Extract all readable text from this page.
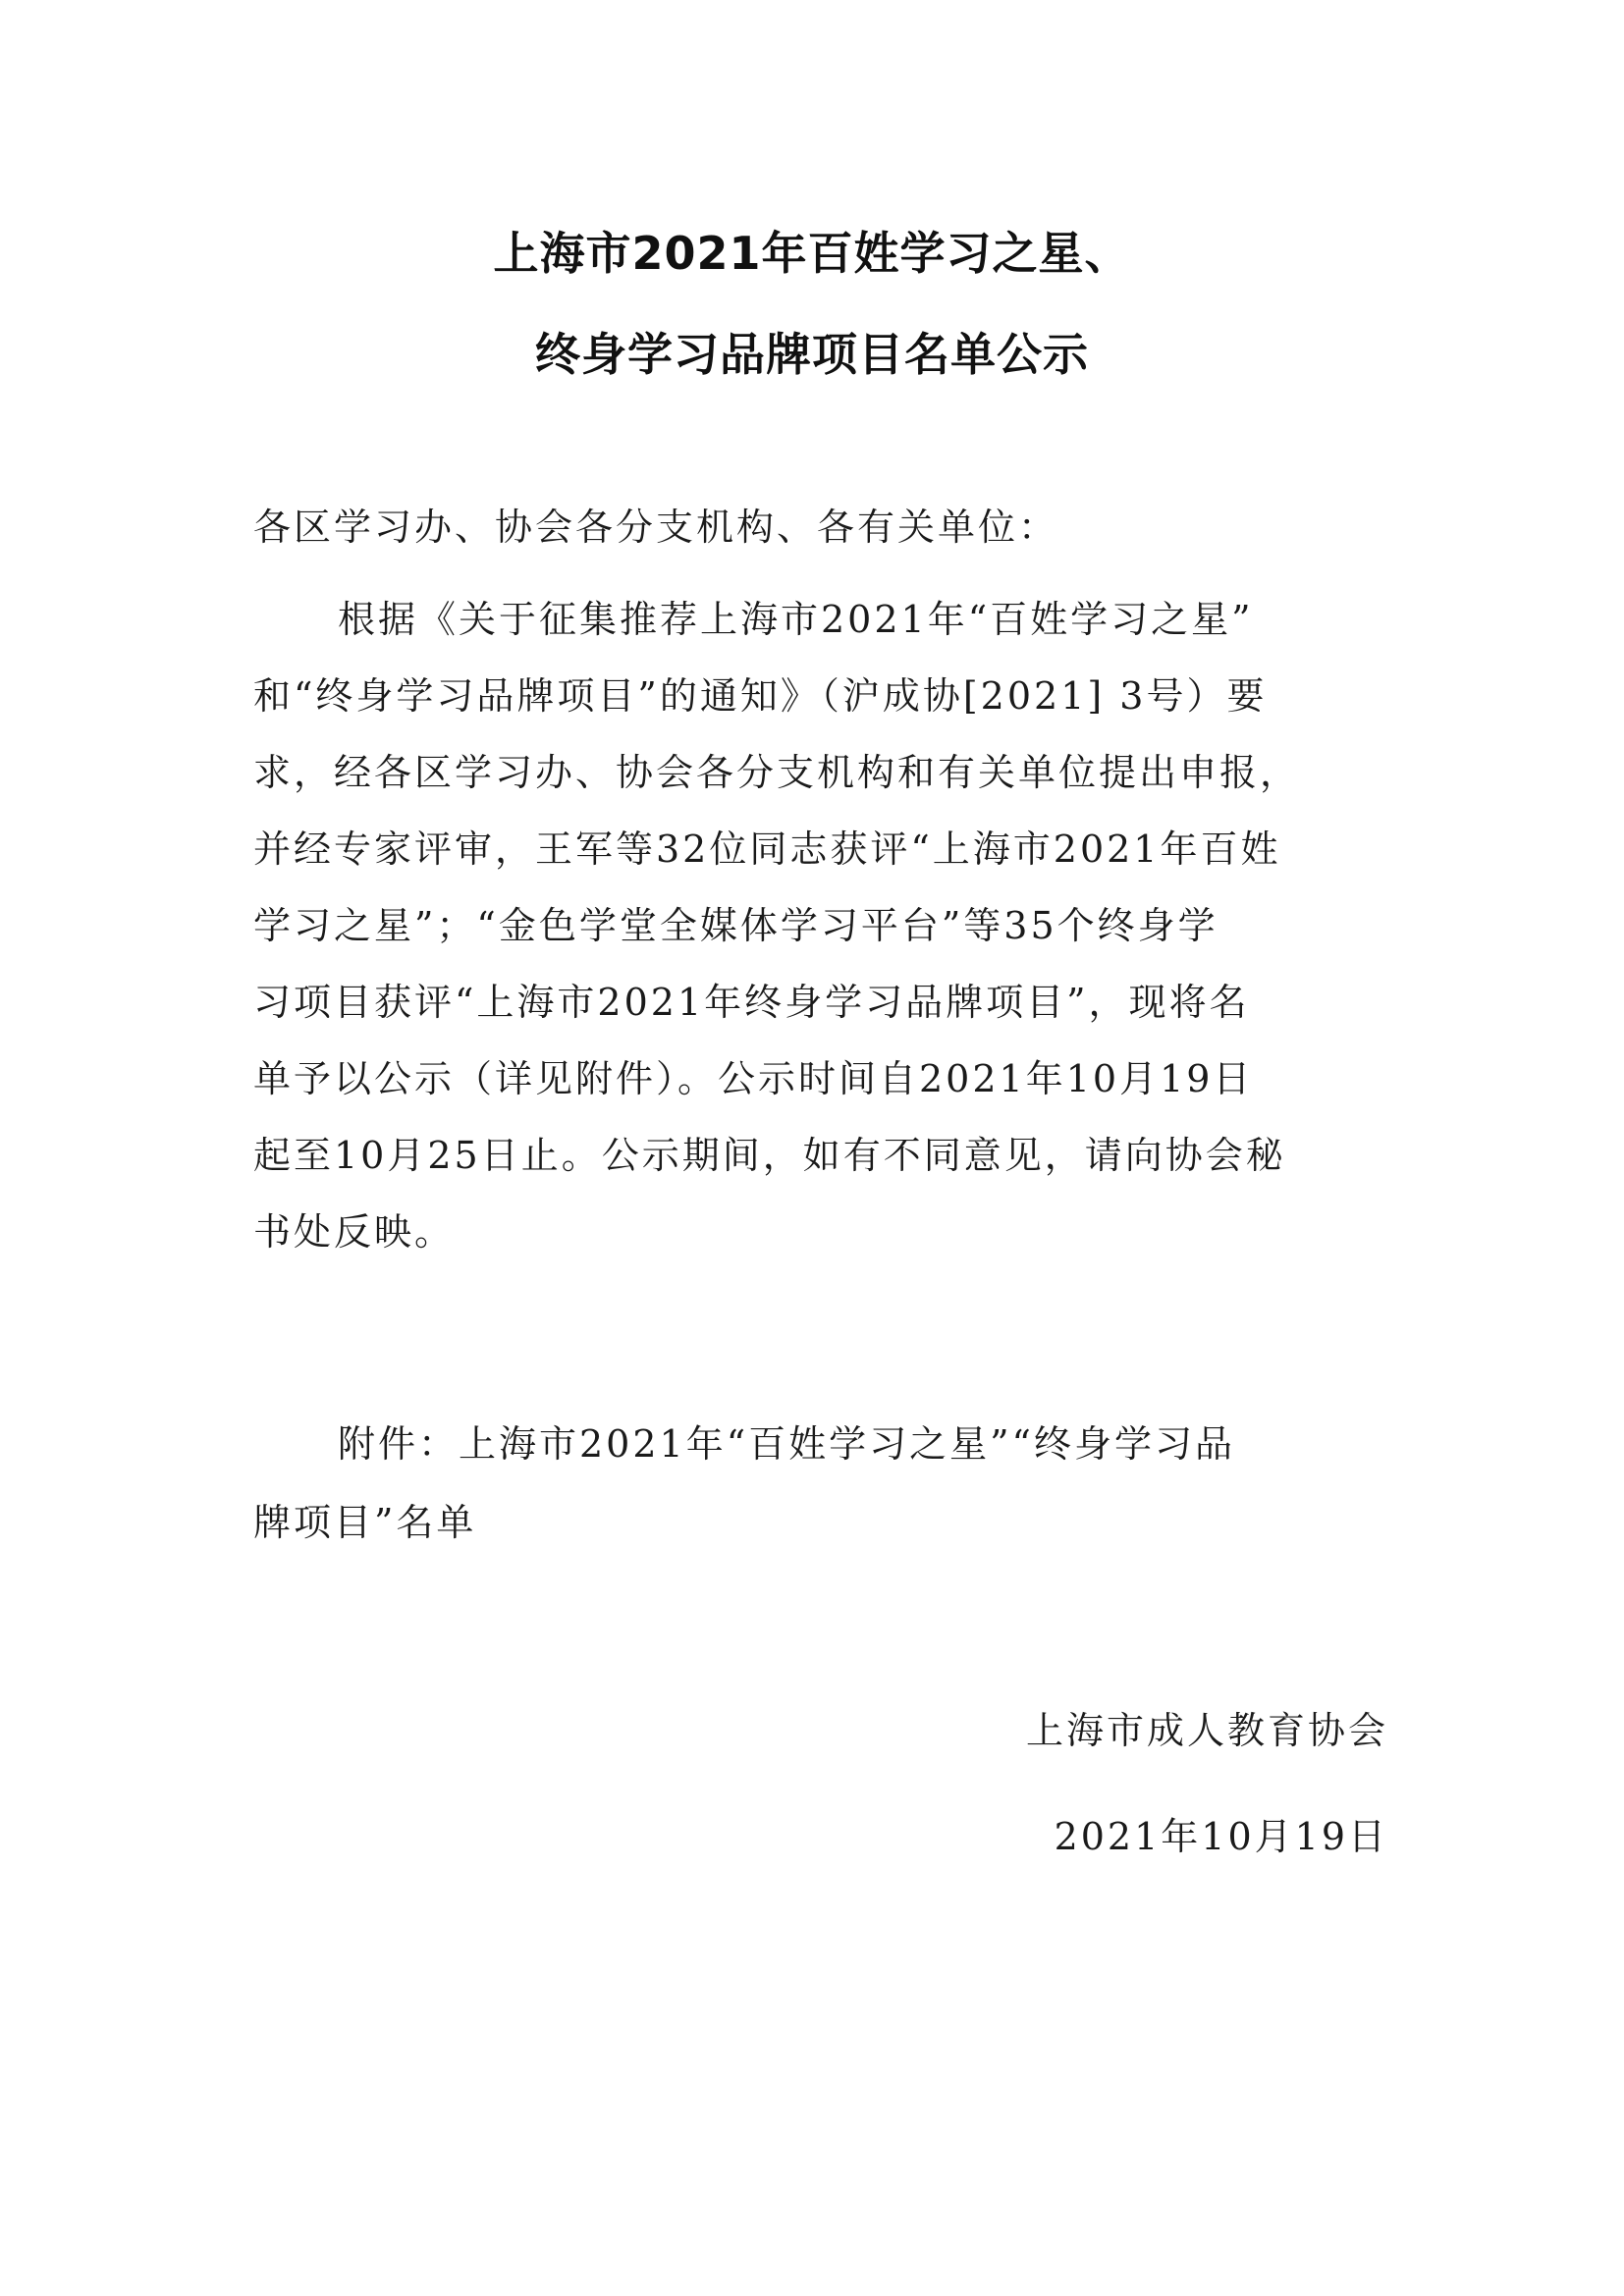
上海市2021年百姓学习之星、
终身学习品牌项目名单公示
各区学习办、协会各分支机构、各有关单位：
根据《关于征集推荐上海市2021年“百姓学习之星”
和“终身学习品牌项目”的通知》（沪成协[2021] 3号）要
求，经各区学习办、协会各分支机构和有关单位提出申报，
并经专家评审，王军等32位同志获评“上海市2021年百姓
学习之星”；“金色学堂全媒体学习平台”等35个终身学
习项目获评“上海市2021年终身学习品牌项目”，现将名
单予以公示（详见附件）。公示时间自2021年10月19日
起至10月25日止。公示期间，如有不同意见，请向协会秘
书处反映。
附件：上海市2021年“百姓学习之星”“终身学习品
牌项目”名单
上海市成人教育协会
2021年10月19日
